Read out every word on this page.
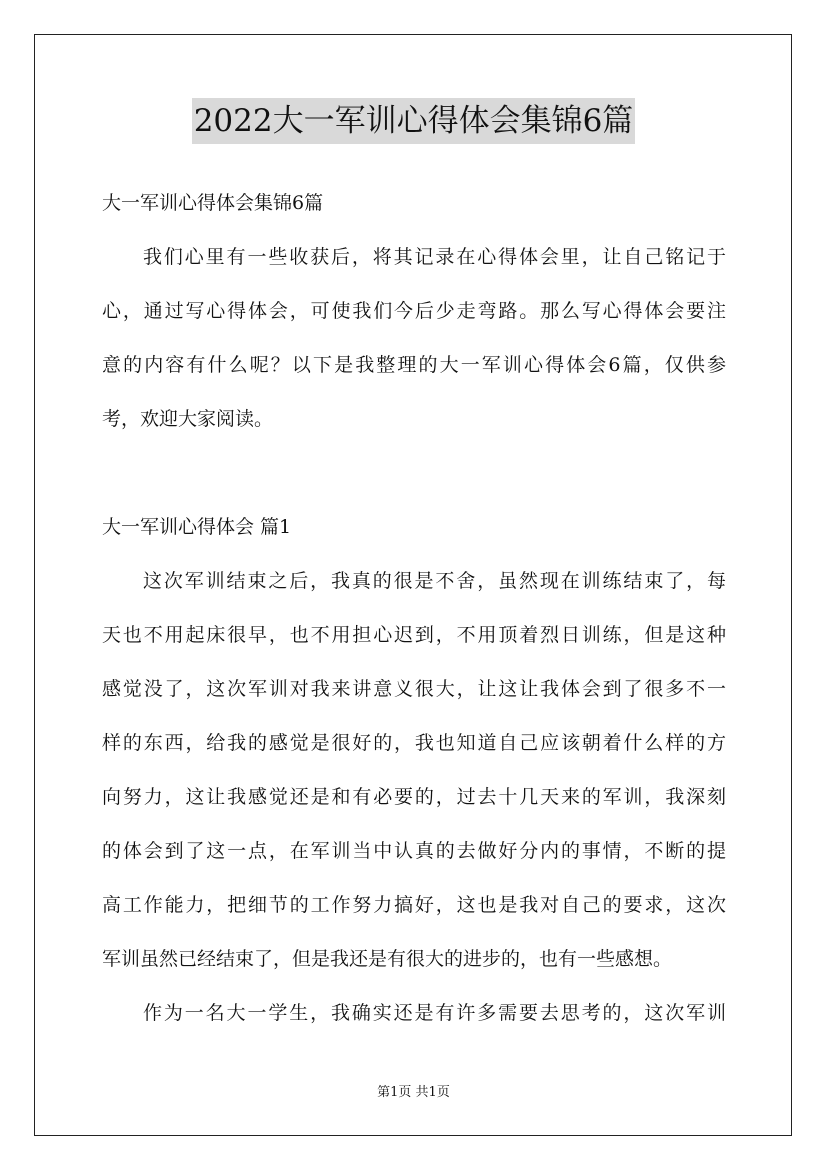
2022大一军训心得体会集锦6篇
大一军训心得体会集锦6篇
我们心里有一些收获后，将其记录在心得体会里，让自己铭记于
心，通过写心得体会，可使我们今后少走弯路。那么写心得体会要注
意的内容有什么呢？以下是我整理的大一军训心得体会6篇，仅供参
考，欢迎大家阅读。
大一军训心得体会 篇1
这次军训结束之后，我真的很是不舍，虽然现在训练结束了，每
天也不用起床很早，也不用担心迟到，不用顶着烈日训练，但是这种
感觉没了，这次军训对我来讲意义很大，让这让我体会到了很多不一
样的东西，给我的感觉是很好的，我也知道自己应该朝着什么样的方
向努力，这让我感觉还是和有必要的，过去十几天来的军训，我深刻
的体会到了这一点，在军训当中认真的去做好分内的事情，不断的提
高工作能力，把细节的工作努力搞好，这也是我对自己的要求，这次
军训虽然已经结束了，但是我还是有很大的进步的，也有一些感想。
作为一名大一学生，我确实还是有许多需要去思考的，这次军训
第1页 共1页
